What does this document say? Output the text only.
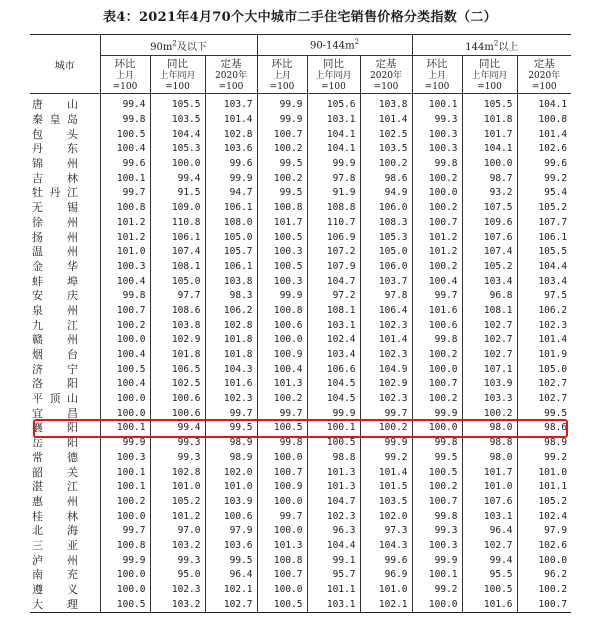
表4：2021年4月70个大中城市二手住宅销售价格分类指数（二）
城市	$90m^2$及以下			$90-144m^2$			$144m^2$以上		
	环比	同比	定基	环比	同比	定基	环比	同比	定基
	上月	上年同月	2020年	上月	上年同月	2020年	上月	上年同月	2020年
	=100	=100	=100	=100	=100	=100	=100	=100	=100
唐山	99.4	105.5	103.7	99.9	105.6	103.8	100.1	105.5	104.1
秦皇岛	99.8	103.5	101.4	99.9	103.1	101.4	99.3	101.8	100.8
包头	100.5	104.4	102.8	100.7	104.1	102.5	100.3	101.7	101.4
丹东	100.4	105.3	103.6	100.2	104.1	103.5	100.3	104.1	102.6
锦州	99.6	100.0	99.6	99.5	99.9	100.2	99.8	100.0	99.6
吉林	100.1	99.4	99.9	100.2	97.8	98.6	100.2	98.7	99.2
牡丹江	99.7	91.5	94.7	99.5	91.9	94.9	100.0	93.2	95.4
无锡	100.8	109.0	106.1	100.8	108.8	106.0	100.2	107.5	105.2
徐州	101.2	110.8	108.0	101.7	110.7	108.3	100.7	109.6	107.7
扬州	101.2	106.1	105.0	100.5	106.9	105.3	101.2	107.6	106.1
温州	101.0	107.4	105.7	100.3	107.2	105.0	101.2	107.4	105.5
金华	100.3	108.1	106.1	100.5	107.9	106.0	100.2	105.2	104.4
蚌埠	100.4	105.0	103.8	100.3	104.7	103.7	100.4	103.4	103.4
安庆	99.8	97.7	98.3	99.9	97.2	97.8	99.7	96.8	97.5
泉州	100.7	108.6	106.2	100.8	108.1	106.4	101.6	108.1	106.2
九江	100.2	103.8	102.8	100.6	103.1	102.3	100.6	102.7	102.3
赣州	100.0	102.9	101.8	100.0	102.4	101.4	99.8	102.7	101.4
烟台	100.4	101.8	101.8	100.9	103.4	102.3	100.2	102.7	101.9
济宁	100.5	106.5	104.3	100.4	106.6	104.9	100.0	107.1	105.0
洛阳	100.4	102.5	101.6	101.3	104.5	102.9	100.7	103.9	102.7
平顶山	100.0	100.6	102.3	100.2	104.5	102.3	100.2	103.3	102.7
宜昌	100.0	100.6	99.7	99.7	99.9	99.7	99.9	100.2	99.5
襄阳	100.1	99.4	99.5	100.5	100.1	100.2	100.0	98.0	98.6
岳阳	99.9	99.3	98.9	99.8	100.5	99.9	99.8	98.8	98.9
常德	100.3	99.3	98.9	100.0	98.8	99.2	99.5	98.0	99.2
韶关	100.1	102.8	102.0	100.7	101.3	101.4	100.5	101.7	101.0
湛江	100.1	101.0	101.0	100.9	101.3	101.5	100.2	101.0	101.1
惠州	100.2	105.2	103.9	100.0	104.7	103.5	100.7	107.6	105.2
桂林	100.0	101.2	100.6	99.7	102.3	102.0	99.8	103.1	102.4
北海	99.7	97.0	97.9	100.0	96.3	97.3	99.3	96.4	97.9
三亚	100.8	103.2	103.6	101.3	104.4	104.3	100.3	102.7	102.6
泸州	99.9	99.3	99.5	100.8	99.1	99.6	99.9	99.4	100.0
南充	100.0	95.0	96.4	100.7	95.7	96.9	100.1	95.5	96.2
遵义	100.0	102.3	102.1	100.0	101.1	101.0	99.2	100.5	100.2
大理	100.5	103.2	102.7	100.5	103.1	102.1	100.0	101.6	100.7
